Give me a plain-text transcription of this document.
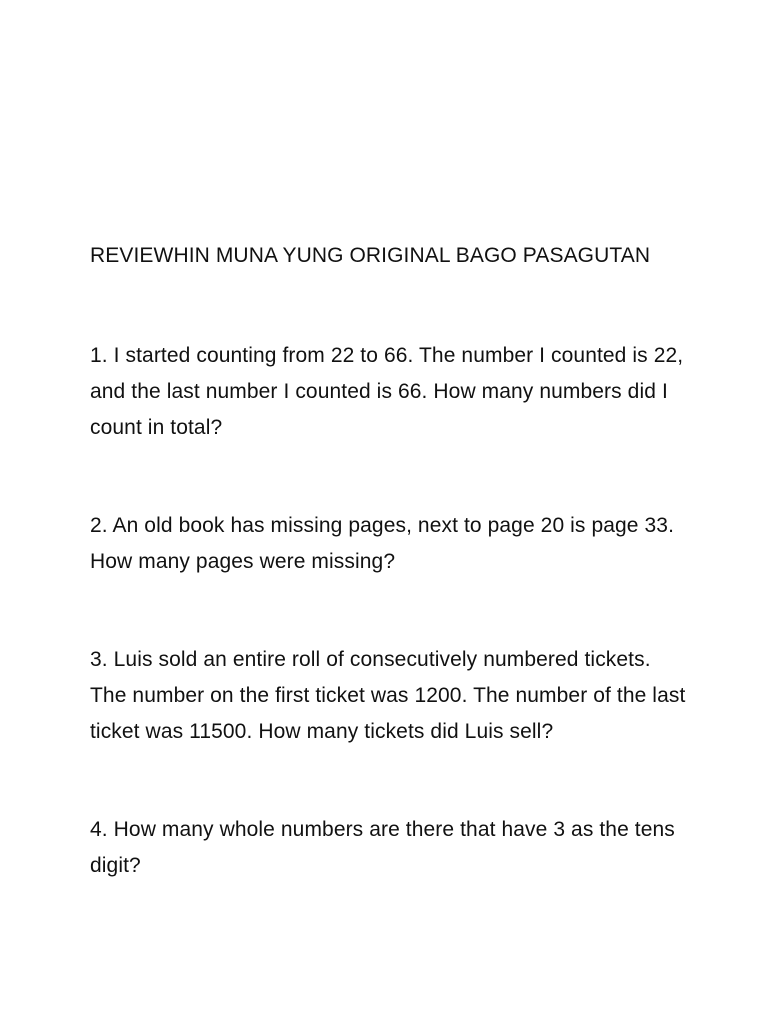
REVIEWHIN MUNA YUNG ORIGINAL BAGO PASAGUTAN

1. I started counting from 22 to 66. The number I counted is 22, and the last number I counted is 66. How many numbers did I count in total?

2. An old book has missing pages, next to page 20 is page 33. How many pages were missing?

3. Luis sold an entire roll of consecutively numbered tickets. The number on the first ticket was 1200. The number of the last ticket was 11500. How many tickets did Luis sell?

4. How many whole numbers are there that have 3 as the tens digit?
